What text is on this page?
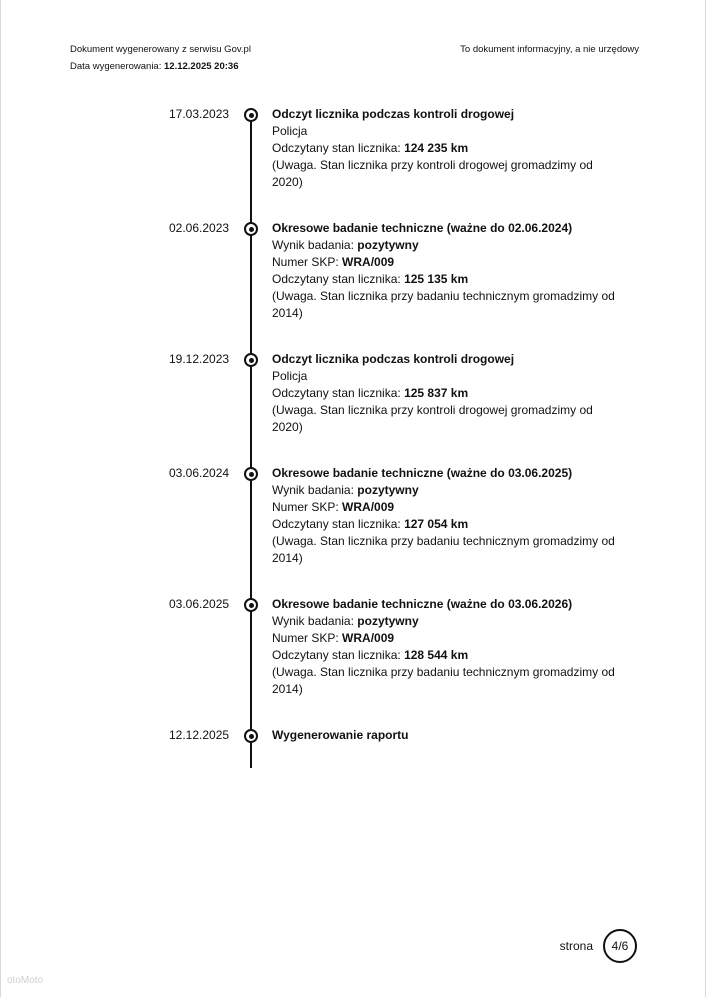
Dokument wygenerowany z serwisu Gov.pl
Data wygenerowania: 12.12.2025 20:36
To dokument informacyjny, a nie urzędowy
17.03.2023	Odczyt licznika podczas kontroli drogowej
Policja
Odczytany stan licznika: 124 235 km
(Uwaga. Stan licznika przy kontroli drogowej gromadzimy od 2020)
02.06.2023	Okresowe badanie techniczne (ważne do 02.06.2024)
Wynik badania: pozytywny
Numer SKP: WRA/009
Odczytany stan licznika: 125 135 km
(Uwaga. Stan licznika przy badaniu technicznym gromadzimy od 2014)
19.12.2023	Odczyt licznika podczas kontroli drogowej
Policja
Odczytany stan licznika: 125 837 km
(Uwaga. Stan licznika przy kontroli drogowej gromadzimy od 2020)
03.06.2024	Okresowe badanie techniczne (ważne do 03.06.2025)
Wynik badania: pozytywny
Numer SKP: WRA/009
Odczytany stan licznika: 127 054 km
(Uwaga. Stan licznika przy badaniu technicznym gromadzimy od 2014)
03.06.2025	Okresowe badanie techniczne (ważne do 03.06.2026)
Wynik badania: pozytywny
Numer SKP: WRA/009
Odczytany stan licznika: 128 544 km
(Uwaga. Stan licznika przy badaniu technicznym gromadzimy od 2014)
12.12.2025	Wygenerowanie raportu
strona	4/6
otoMoto
